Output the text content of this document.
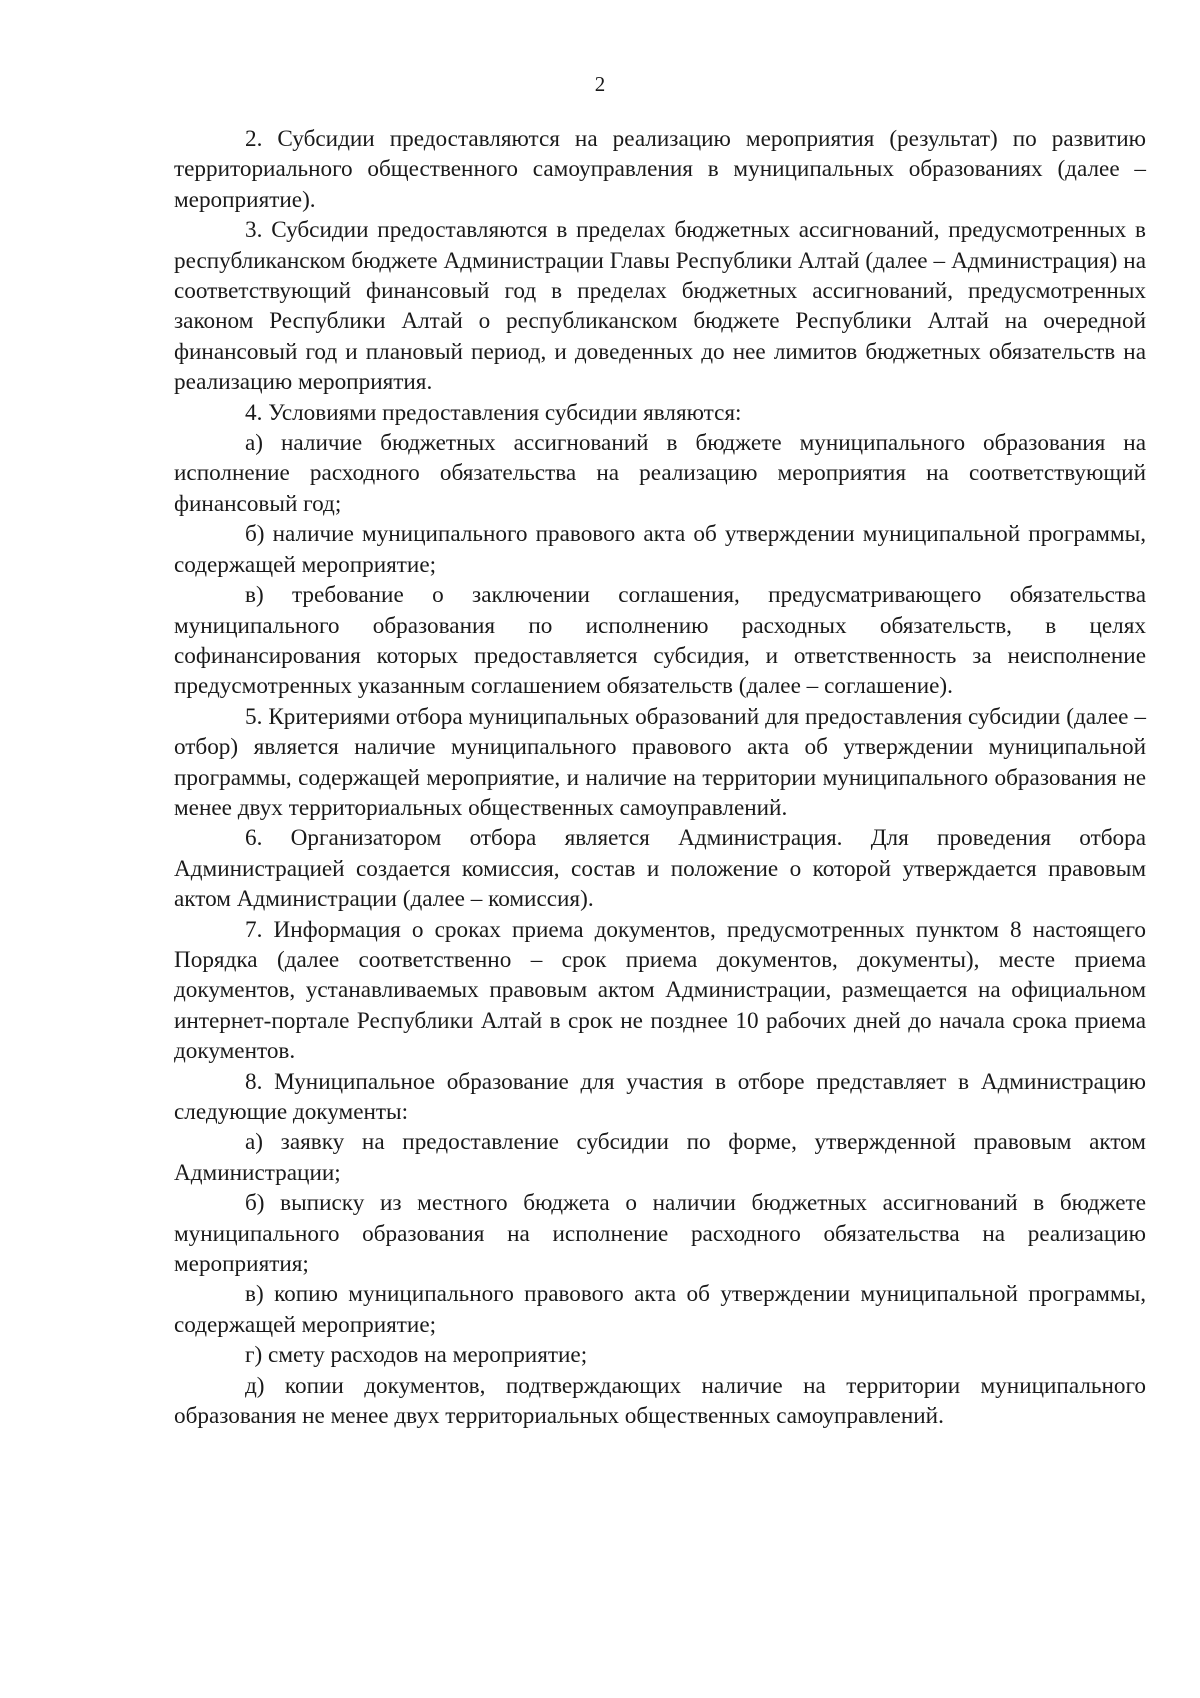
2

2. Субсидии предоставляются на реализацию мероприятия (результат) по развитию территориального общественного самоуправления в муниципальных образованиях (далее – мероприятие).

3. Субсидии предоставляются в пределах бюджетных ассигнований, предусмотренных в республиканском бюджете Администрации Главы Республики Алтай (далее – Администрация) на соответствующий финансовый год в пределах бюджетных ассигнований, предусмотренных законом Республики Алтай о республиканском бюджете Республики Алтай на очередной финансовый год и плановый период, и доведенных до нее лимитов бюджетных обязательств на реализацию мероприятия.

4. Условиями предоставления субсидии являются:

а) наличие бюджетных ассигнований в бюджете муниципального образования на исполнение расходного обязательства на реализацию мероприятия на соответствующий финансовый год;

б) наличие муниципального правового акта об утверждении муниципальной программы, содержащей мероприятие;

в) требование о заключении соглашения, предусматривающего обязательства муниципального образования по исполнению расходных обязательств, в целях софинансирования которых предоставляется субсидия, и ответственность за неисполнение предусмотренных указанным соглашением обязательств (далее – соглашение).

5. Критериями отбора муниципальных образований для предоставления субсидии (далее – отбор) является наличие муниципального правового акта об утверждении муниципальной программы, содержащей мероприятие, и наличие на территории муниципального образования не менее двух территориальных общественных самоуправлений.

6. Организатором отбора является Администрация. Для проведения отбора Администрацией создается комиссия, состав и положение о которой утверждается правовым актом Администрации (далее – комиссия).

7. Информация о сроках приема документов, предусмотренных пунктом 8 настоящего Порядка (далее соответственно – срок приема документов, документы), месте приема документов, устанавливаемых правовым актом Администрации, размещается на официальном интернет-портале Республики Алтай в срок не позднее 10 рабочих дней до начала срока приема документов.

8. Муниципальное образование для участия в отборе представляет в Администрацию следующие документы:

а) заявку на предоставление субсидии по форме, утвержденной правовым актом Администрации;

б) выписку из местного бюджета о наличии бюджетных ассигнований в бюджете муниципального образования на исполнение расходного обязательства на реализацию мероприятия;

в) копию муниципального правового акта об утверждении муниципальной программы, содержащей мероприятие;

г) смету расходов на мероприятие;

д) копии документов, подтверждающих наличие на территории муниципального образования не менее двух территориальных общественных самоуправлений.
